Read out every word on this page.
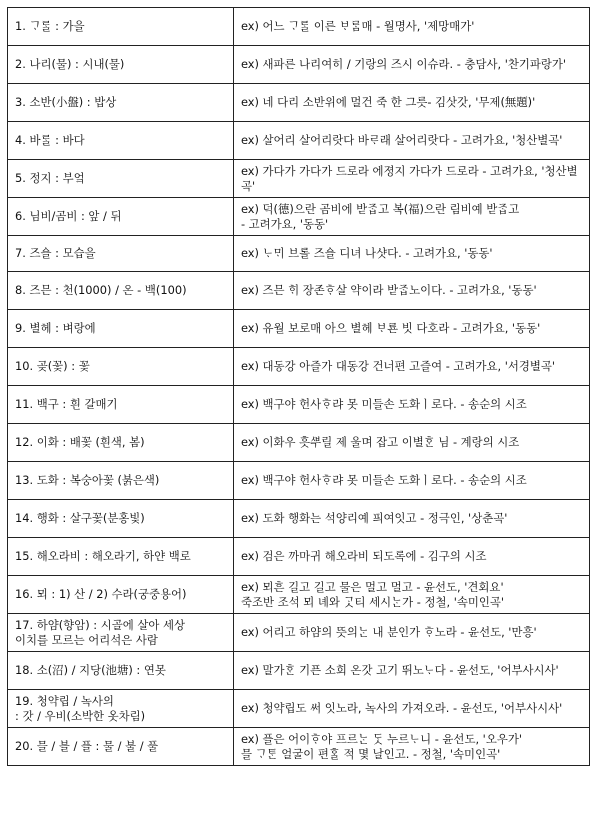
1. ᄀᆞᄅᆞᆯ : 가을	ex) 어느 ᄀᆞᄅᆞᆯ 이른 ᄇᆞᄅᆞᆷ매 - 월명사, '제망매가'

2. 나리(물) : 시내(물)	ex) 새파른 나리여히 / 기랑의 즈시 이슈라. - 충담사, '찬기파랑가'

3. 소반(小盤) : 밥상	ex) 네 다리 소반위에 멀건 죽 한 그릇- 김삿갓, '무제(無題)'

4. 바ᄅᆞᆯ : 바다	ex) 살어리 살어리랏다 바ᄅᆞ래 살어리랏다 - 고려가요, '청산별곡'

5. 정지 : 부엌	ex) 가다가 가다가 드로라 에졍지 가다가 드로라 - 고려가요, '청산별곡'

6. 님비/곰비 : 앞 / 뒤	ex) 덕(德)으란 곰비에 받ᄌᆞᆸ고 복(福)으란 림비예 받ᄌᆞᆸ고
- 고려가요, '동동'

7. 즈ᅀᅳᆯ : 모습을	ex) ᄂᆞᄆᆡ 브롤 즈ᅀᅳᆯ 디녀 나샷다. - 고려가요, '동동'

8. 즈믄 : 천(1000) / 온 - 백(100)	ex) 즈믄 ᄒᆡ 장존ᄒᆞ살 약이라 받ᄌᆞᆸ노이다. - 고려가요, '동동'

9. 별헤 : 벼랑에	ex) 유월 보로매 아으 별헤 ᄇᆞ룐 빗 다호라 - 고려가요, '동동'

10. 곶(꽃) : 꽃	ex) 대동강 아즐가 대동강 건너편 고즐여 - 고려가요, '서경별곡'

11. 백구 : 흰 갈매기	ex) 백구야 헌사ᄒᆞ랴 못 미들손 도화ㅣ로다. - 송순의 시조

12. 이화 : 배꽃 (흰색, 봄)	ex) 이화우 흣ᄲᅮ릴 제 울며 잡고 이별ᄒᆞᆫ 님 - 계랑의 시조

13. 도화 : 복숭아꽃 (붉은색)	ex) 백구야 헌사ᄒᆞ랴 못 미들손 도화ㅣ로다. - 송순의 시조

14. 행화 : 살구꽃(분홍빛)	ex) 도화 행화는 석양리예 픠여잇고 - 정극인, '상춘곡'

15. 해오라비 : 해오라기, 하얀 백로	ex) 검은 까마귀 해오라비 되도록에 - 김구의 시조

16. 뫼 : 1) 산 / 2) 수라(궁중용어)	ex) 뫼흔 길고 길고 물은 멀고 멀고 - 윤선도, '견회요'
죽조반 조석 뫼 녜와 ᄀᆞᆺ티 세시ᄂᆞᆫ가 - 정철, '속미인곡'

17. 하얌(향암) : 시골에 살아 세상
이치를 모르는 어리석은 사람	ex) 어리고 하얌의 뜻의ᄂᆞᆫ 내 분인가 ᄒᆞ노라 - 윤선도, '만흥'

18. 소(沼) / 지당(池塘) : 연못	ex) 말가ᄒᆞᆫ 기픈 소희 온갓 고기 뛰노ᄂᆞ다 - 윤선도, '어부사시사'

19. 청약립 / 녹사의
: 갓 / 우비(소박한 옷차림)	ex) 청약립도 써 잇노라, 녹사의 가져오라. - 윤선도, '어부사시사'

20. 믈 / 블 / 플 : 물 / 불 / 풀	ex) 플은 어이ᄒᆞ야 프르ᄂᆞᆫ ᄃᆞᆺ 누르ᄂᆞ니 - 윤선도, '오우가'
믈 ᄀᆞᄐᆞᆫ 얼굴이 편ᄒᆞᆯ 적 몇 날인고. - 정철, '속미인곡'
